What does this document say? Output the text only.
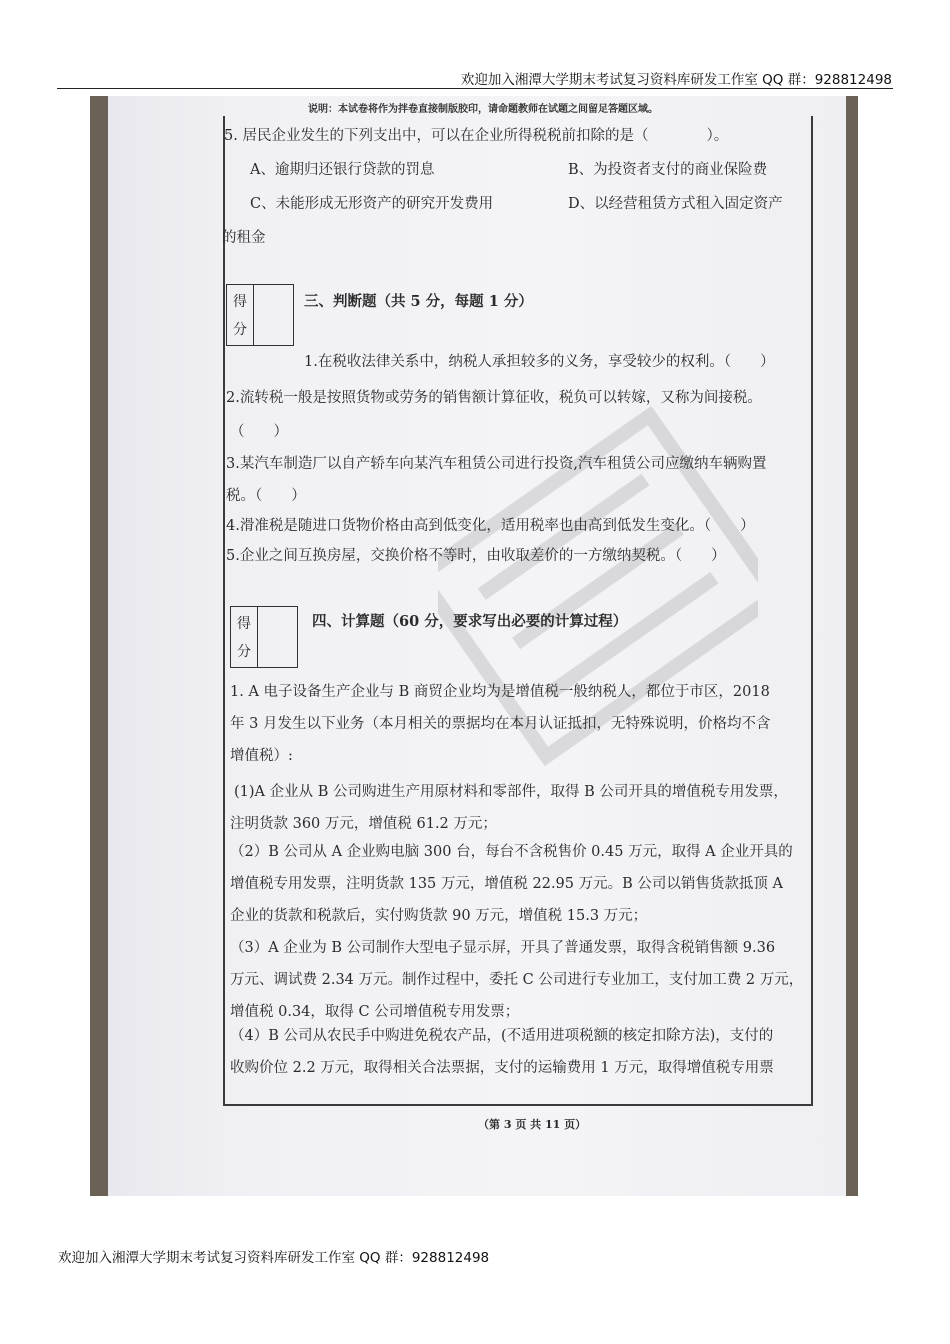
欢迎加入湘潭大学期末考试复习资料库研发工作室 QQ 群：928812498
说明：本试卷将作为拌卷直接制版胶印，请命题教师在试题之间留足答题区域。
5. 居民企业发生的下列支出中，可以在企业所得税税前扣除的是（　　　　）。
A、逾期归还银行贷款的罚息	B、为投资者支付的商业保险费
C、未能形成无形资产的研究开发费用	D、以经营租赁方式租入固定资产
的租金
得
分
三、判断题（共 5 分，每题 1 分）
1.在税收法律关系中，纳税人承担较多的义务，享受较少的权利。（　　）
2.流转税一般是按照货物或劳务的销售额计算征收，税负可以转嫁，又称为间接税。
（　　）
3.某汽车制造厂以自产轿车向某汽车租赁公司进行投资,汽车租赁公司应缴纳车辆购置
税。（　　）
4.滑准税是随进口货物价格由高到低变化，适用税率也由高到低发生变化。（　　）
5.企业之间互换房屋，交换价格不等时，由收取差价的一方缴纳契税。（　　）
得
分
四、计算题（60 分，要求写出必要的计算过程）
1. A 电子设备生产企业与 B 商贸企业均为是增值税一般纳税人，都位于市区，2018
年 3 月发生以下业务（本月相关的票据均在本月认证抵扣，无特殊说明，价格均不含
增值税）:
(1)A 企业从 B 公司购进生产用原材料和零部件，取得 B 公司开具的增值税专用发票，
注明货款 360 万元，增值税 61.2 万元；
（2）B 公司从 A 企业购电脑 300 台，每台不含税售价 0.45 万元，取得 A 企业开具的
增值税专用发票，注明货款 135 万元，增值税 22.95 万元。B 公司以销售货款抵顶 A
企业的货款和税款后，实付购货款 90 万元，增值税 15.3 万元；
（3）A 企业为 B 公司制作大型电子显示屏，开具了普通发票，取得含税销售额 9.36
万元、调试费 2.34 万元。制作过程中，委托 C 公司进行专业加工，支付加工费 2 万元，
增值税 0.34，取得 C 公司增值税专用发票；
（4）B 公司从农民手中购进免税农产品，(不适用进项税额的核定扣除方法)，支付的
收购价位 2.2 万元，取得相关合法票据，支付的运输费用 1 万元，取得增值税专用票
（第 3 页 共 11 页）
欢迎加入湘潭大学期末考试复习资料库研发工作室 QQ 群：928812498
